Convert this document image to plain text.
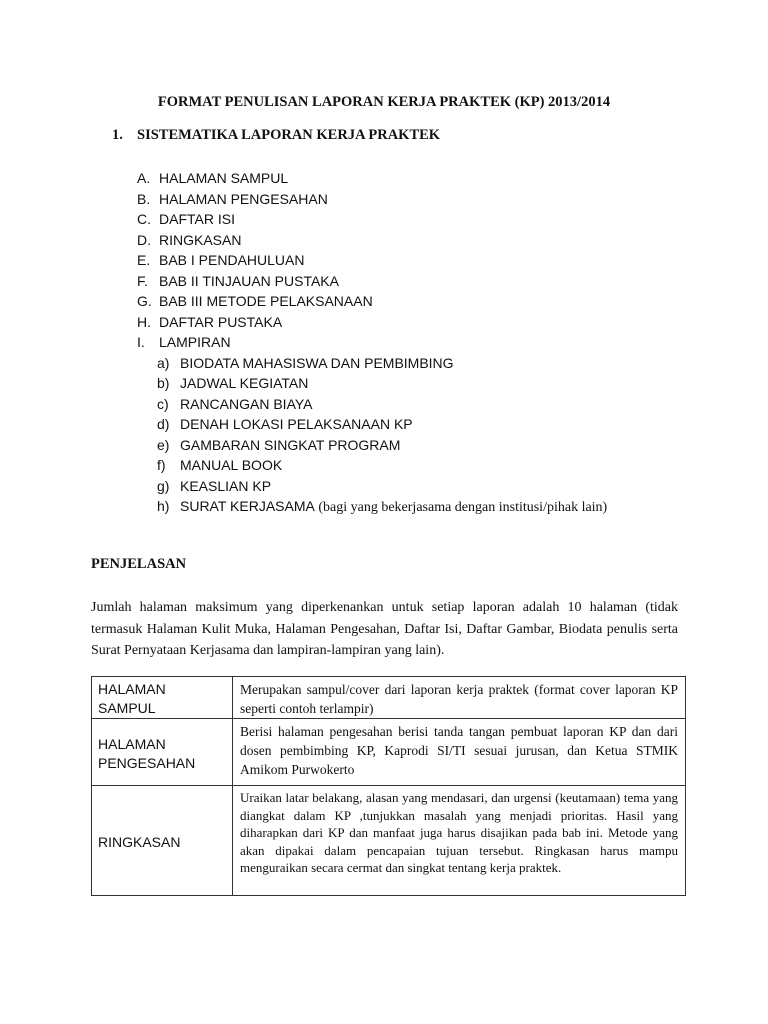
FORMAT PENULISAN LAPORAN KERJA PRAKTEK (KP) 2013/2014
1. SISTEMATIKA LAPORAN KERJA PRAKTEK
A. HALAMAN SAMPUL
B. HALAMAN PENGESAHAN
C. DAFTAR ISI
D. RINGKASAN
E. BAB I PENDAHULUAN
F. BAB II TINJAUAN PUSTAKA
G. BAB III METODE PELAKSANAAN
H. DAFTAR PUSTAKA
I. LAMPIRAN
a) BIODATA MAHASISWA DAN PEMBIMBING
b) JADWAL KEGIATAN
c) RANCANGAN BIAYA
d) DENAH LOKASI PELAKSANAAN KP
e) GAMBARAN SINGKAT PROGRAM
f) MANUAL BOOK
g) KEASLIAN KP
h) SURAT KERJASAMA (bagi yang bekerjasama dengan institusi/pihak lain)
PENJELASAN
Jumlah halaman maksimum yang diperkenankan untuk setiap laporan adalah 10 halaman (tidak termasuk Halaman Kulit Muka, Halaman Pengesahan, Daftar Isi, Daftar Gambar, Biodata penulis serta Surat Pernyataan Kerjasama dan lampiran-lampiran yang lain).
HALAMAN SAMPUL	Merupakan sampul/cover dari laporan kerja praktek (format cover laporan KP seperti contoh terlampir)
HALAMAN PENGESAHAN	Berisi halaman pengesahan berisi tanda tangan pembuat laporan KP dan dari dosen pembimbing KP, Kaprodi SI/TI sesuai jurusan, dan Ketua STMIK Amikom Purwokerto
RINGKASAN	Uraikan latar belakang, alasan yang mendasari, dan urgensi (keutamaan) tema yang diangkat dalam KP ,tunjukkan masalah yang menjadi prioritas. Hasil yang diharapkan dari KP dan manfaat juga harus disajikan pada bab ini. Metode yang akan dipakai dalam pencapaian tujuan tersebut. Ringkasan harus mampu menguraikan secara cermat dan singkat tentang kerja praktek.
